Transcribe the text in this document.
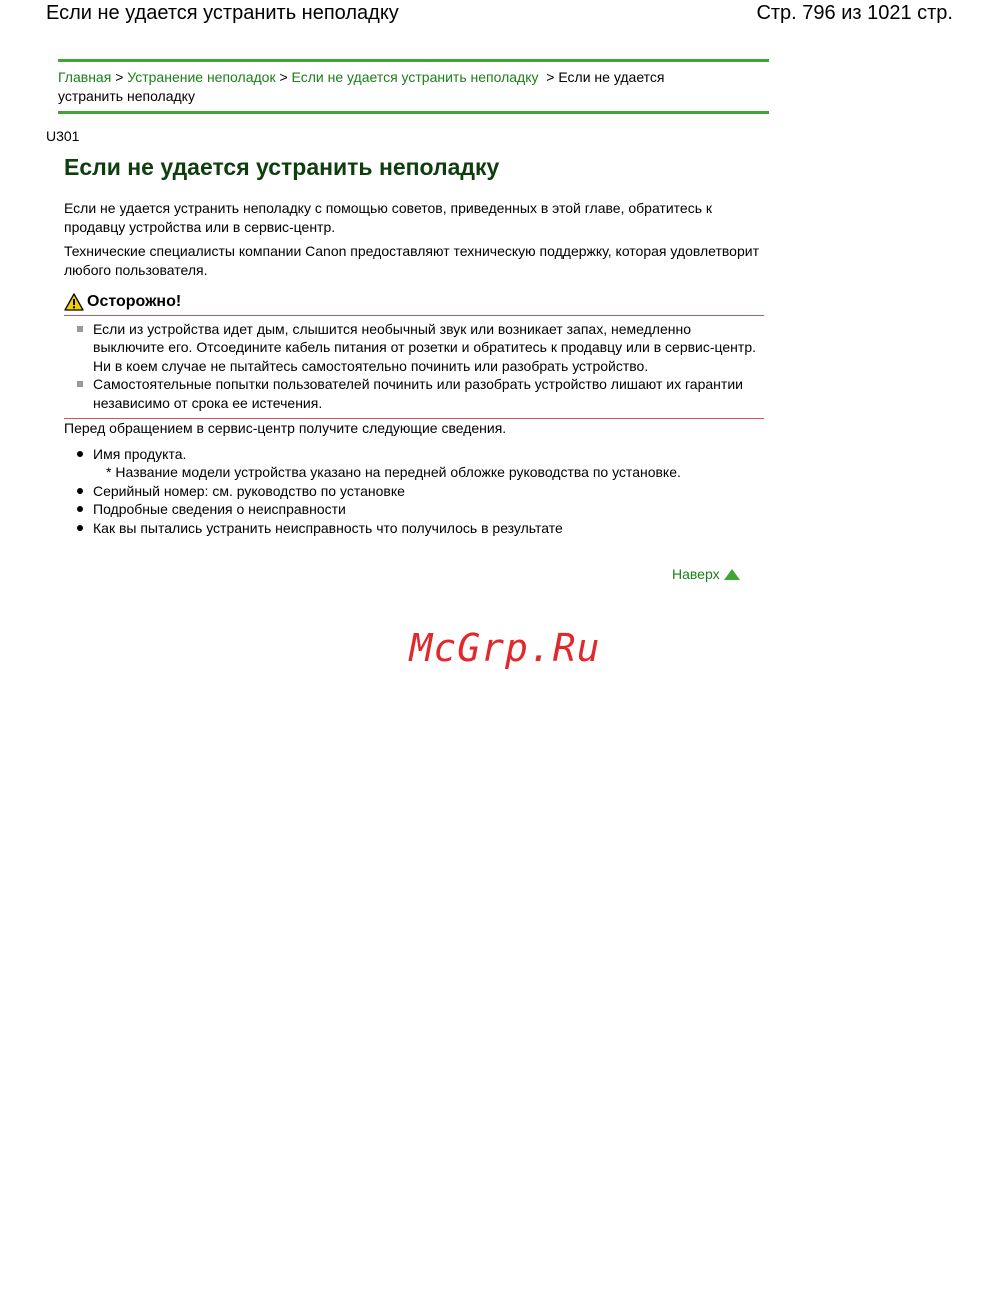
Если не удается устранить неполадку	Стр. 796 из 1021 стр.
Главная > Устранение неполадок > Если не удается устранить неполадку > Если не удается
устранить неполадку
U301
Если не удается устранить неполадку

Если не удается устранить неполадку с помощью советов, приведенных в этой главе, обратитесь к продавцу устройства или в сервис-центр.

Технические специалисты компании Canon предоставляют техническую поддержку, которая удовлетворит любого пользователя.

Осторожно!
Если из устройства идет дым, слышится необычный звук или возникает запах, немедленно выключите его. Отсоедините кабель питания от розетки и обратитесь к продавцу или в сервис-центр. Ни в коем случае не пытайтесь самостоятельно починить или разобрать устройство.
Самостоятельные попытки пользователей починить или разобрать устройство лишают их гарантии независимо от срока ее истечения.

Перед обращением в сервис-центр получите следующие сведения.

Имя продукта.
* Название модели устройства указано на передней обложке руководства по установке.
Серийный номер: см. руководство по установке
Подробные сведения о неисправности
Как вы пытались устранить неисправность что получилось в результате
Наверх
McGrp.Ru
